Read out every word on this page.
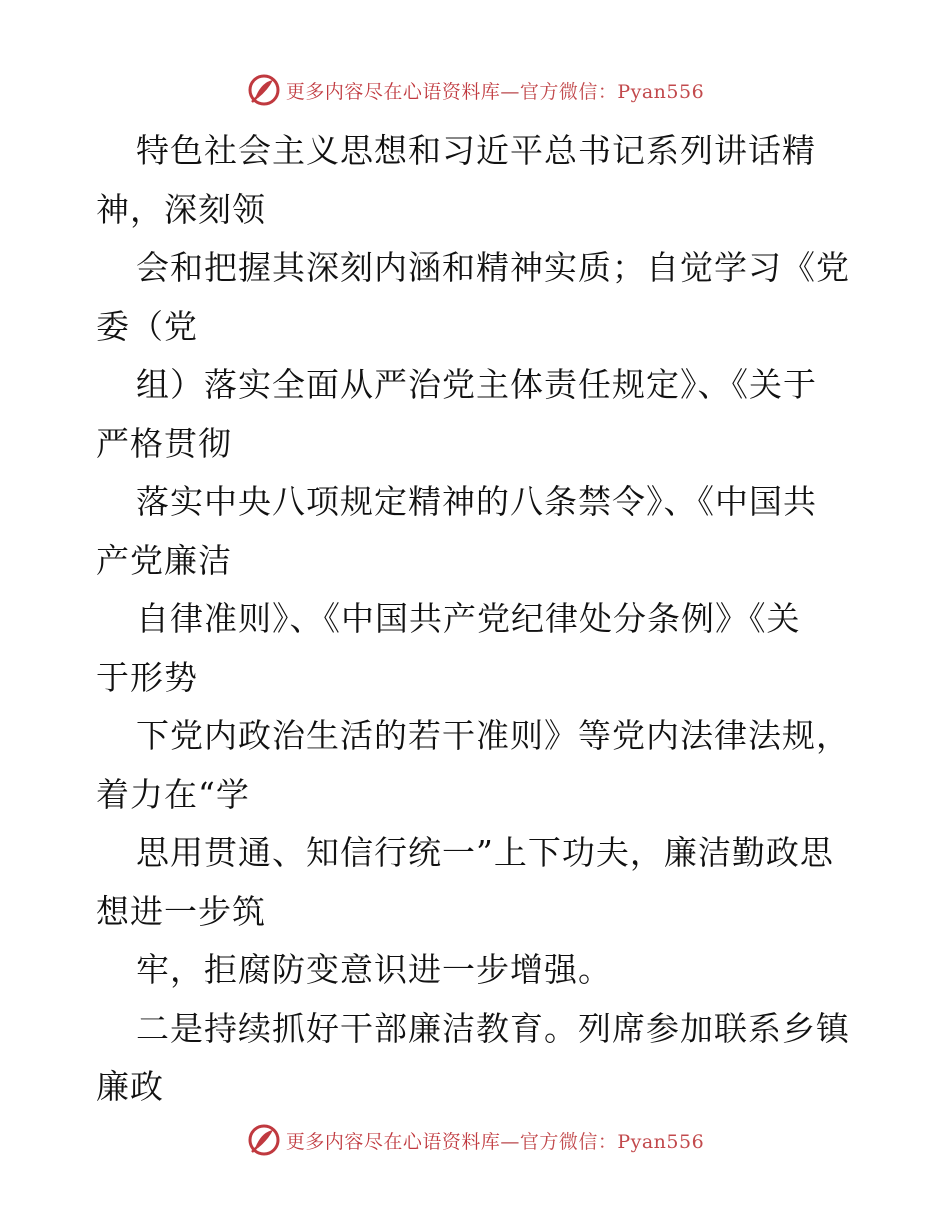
更多内容尽在心语资料库—官方微信：Pyan556
特色社会主义思想和习近平总书记系列讲话精
神，深刻领
会和把握其深刻内涵和精神实质；自觉学习《党
委（党
组）落实全面从严治党主体责任规定》、《关于
严格贯彻
落实中央八项规定精神的八条禁令》、《中国共
产党廉洁
自律准则》、《中国共产党纪律处分条例》《关
于形势
下党内政治生活的若干准则》等党内法律法规，
着力在“学
思用贯通、知信行统一”上下功夫，廉洁勤政思
想进一步筑
牢，拒腐防变意识进一步增强。
二是持续抓好干部廉洁教育。列席参加联系乡镇
廉政
更多内容尽在心语资料库—官方微信：Pyan556
